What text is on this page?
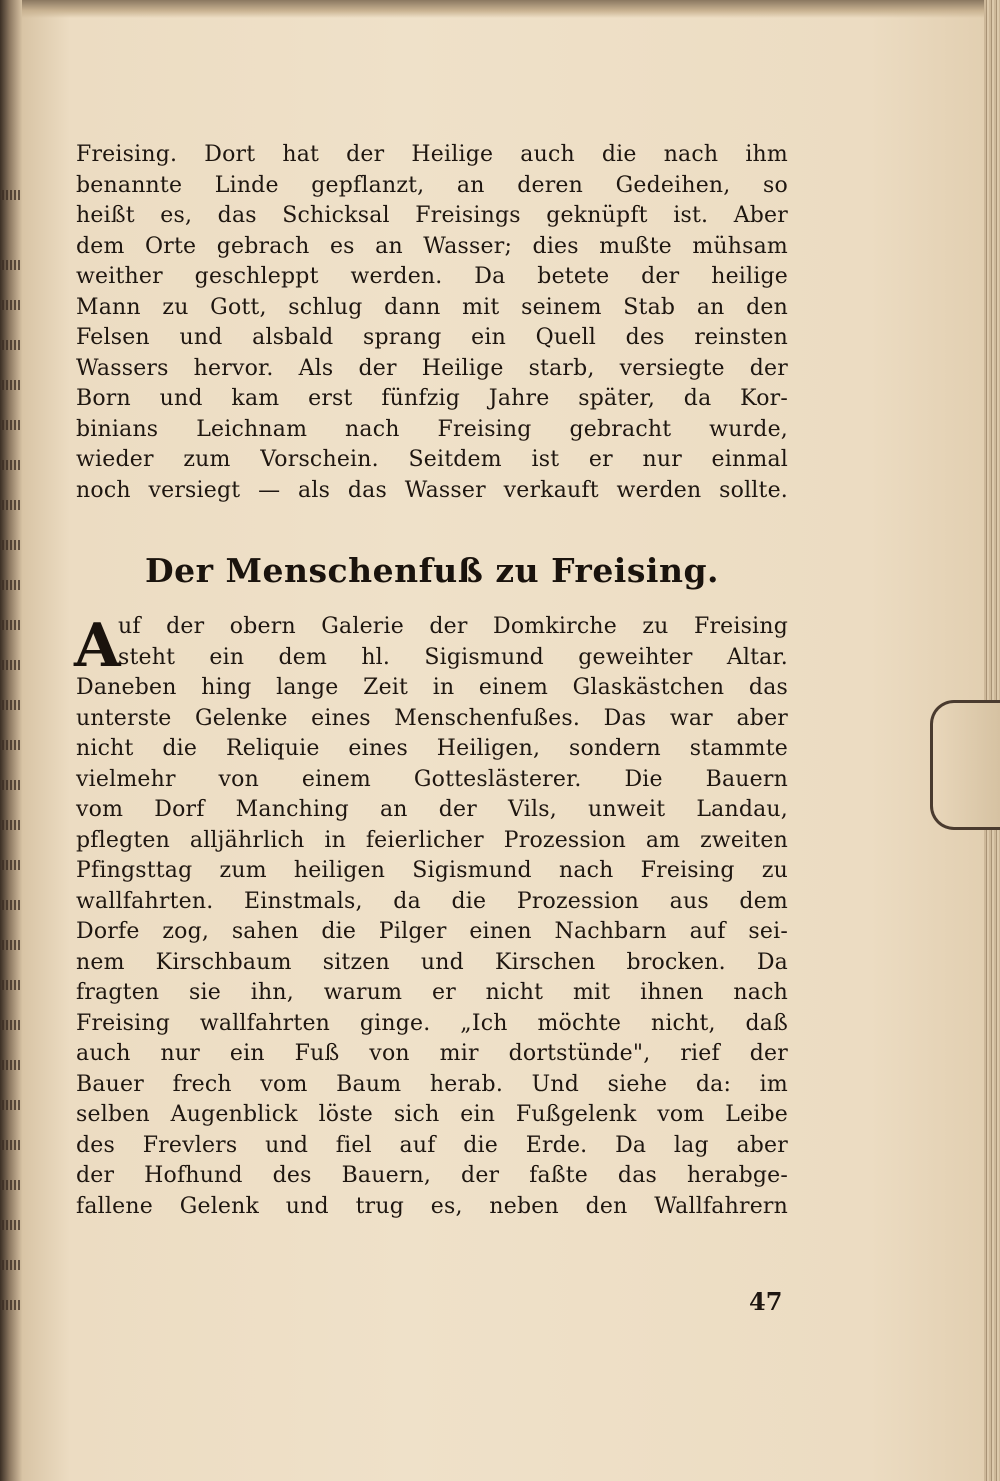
Freising. Dort hat der Heilige auch die nach ihm
benannte Linde gepflanzt, an deren Gedeihen, so
heißt es, das Schicksal Freisings geknüpft ist. Aber
dem Orte gebrach es an Wasser; dies mußte mühsam
weither geschleppt werden. Da betete der heilige
Mann zu Gott, schlug dann mit seinem Stab an den
Felsen und alsbald sprang ein Quell des reinsten
Wassers hervor. Als der Heilige starb, versiegte der
Born und kam erst fünfzig Jahre später, da Kor-
binians Leichnam nach Freising gebracht wurde,
wieder zum Vorschein. Seitdem ist er nur einmal
noch versiegt — als das Wasser verkauft werden sollte.
Der Menschenfuß zu Freising.
A
uf der obern Galerie der Domkirche zu Freising
steht ein dem hl. Sigismund geweihter Altar.
Daneben hing lange Zeit in einem Glaskästchen das
unterste Gelenke eines Menschenfußes. Das war aber
nicht die Reliquie eines Heiligen, sondern stammte
vielmehr von einem Gotteslästerer. Die Bauern
vom Dorf Manching an der Vils, unweit Landau,
pflegten alljährlich in feierlicher Prozession am zweiten
Pfingsttag zum heiligen Sigismund nach Freising zu
wallfahrten. Einstmals, da die Prozession aus dem
Dorfe zog, sahen die Pilger einen Nachbarn auf sei-
nem Kirschbaum sitzen und Kirschen brocken. Da
fragten sie ihn, warum er nicht mit ihnen nach
Freising wallfahrten ginge. „Ich möchte nicht, daß
auch nur ein Fuß von mir dortstünde", rief der
Bauer frech vom Baum herab. Und siehe da: im
selben Augenblick löste sich ein Fußgelenk vom Leibe
des Frevlers und fiel auf die Erde. Da lag aber
der Hofhund des Bauern, der faßte das herabge-
fallene Gelenk und trug es, neben den Wallfahrern
47
